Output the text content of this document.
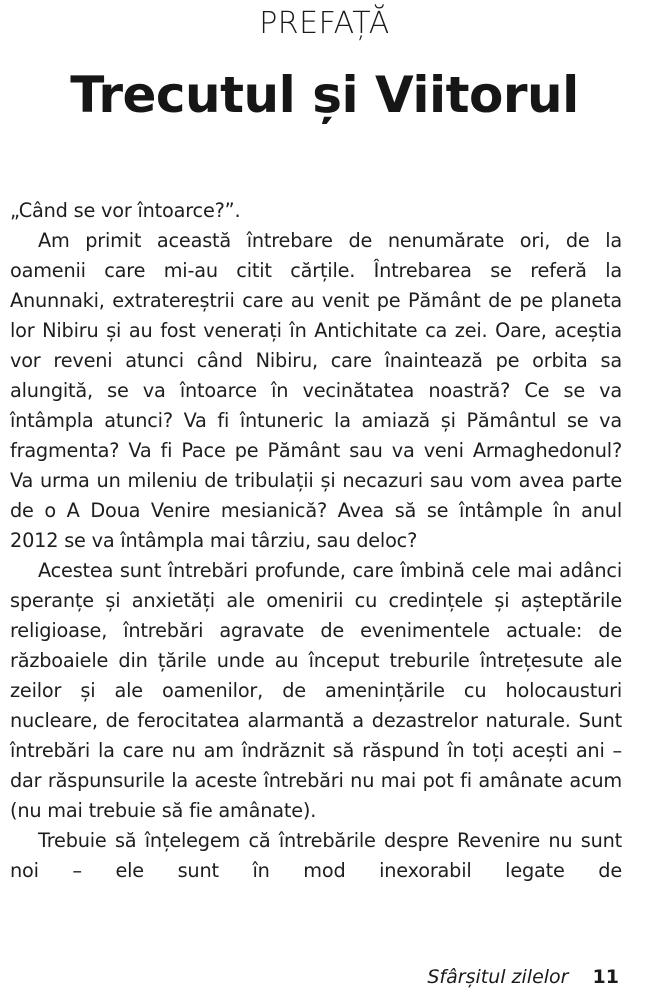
PREFAȚĂ
Trecutul și Viitorul

„Când se vor întoarce?”.

Am primit această întrebare de nenumărate ori, de la oamenii care mi-au citit cărțile. Întrebarea se referă la Anunnaki, extratereștrii care au venit pe Pământ de pe planeta lor Nibiru și au fost venerați în Antichitate ca zei. Oare, aceștia vor reveni atunci când Nibiru, care înaintează pe orbita sa alungită, se va întoarce în vecinătatea noastră? Ce se va întâmpla atunci? Va fi întuneric la amiază și Pământul se va fragmenta? Va fi Pace pe Pământ sau va veni Armaghedonul? Va urma un mileniu de tribulații și necazuri sau vom avea parte de o A Doua Venire mesianică? Avea să se întâmple în anul 2012 se va întâmpla mai târziu, sau deloc?

Acestea sunt întrebări profunde, care îmbină cele mai adânci speranțe și anxietăți ale omenirii cu credințele și așteptările religioase, întrebări agravate de evenimentele actuale: de războaiele din țările unde au început treburile întrețesute ale zeilor și ale oamenilor, de amenințările cu holocausturi nucleare, de ferocitatea alarmantă a dezastrelor naturale. Sunt întrebări la care nu am îndrăznit să răspund în toți acești ani – dar răspunsurile la aceste întrebări nu mai pot fi amânate acum (nu mai trebuie să fie amânate).

Trebuie să înțelegem că întrebările despre Revenire nu sunt noi – ele sunt în mod inexorabil legate de

Sfârșitul zilelor 11
